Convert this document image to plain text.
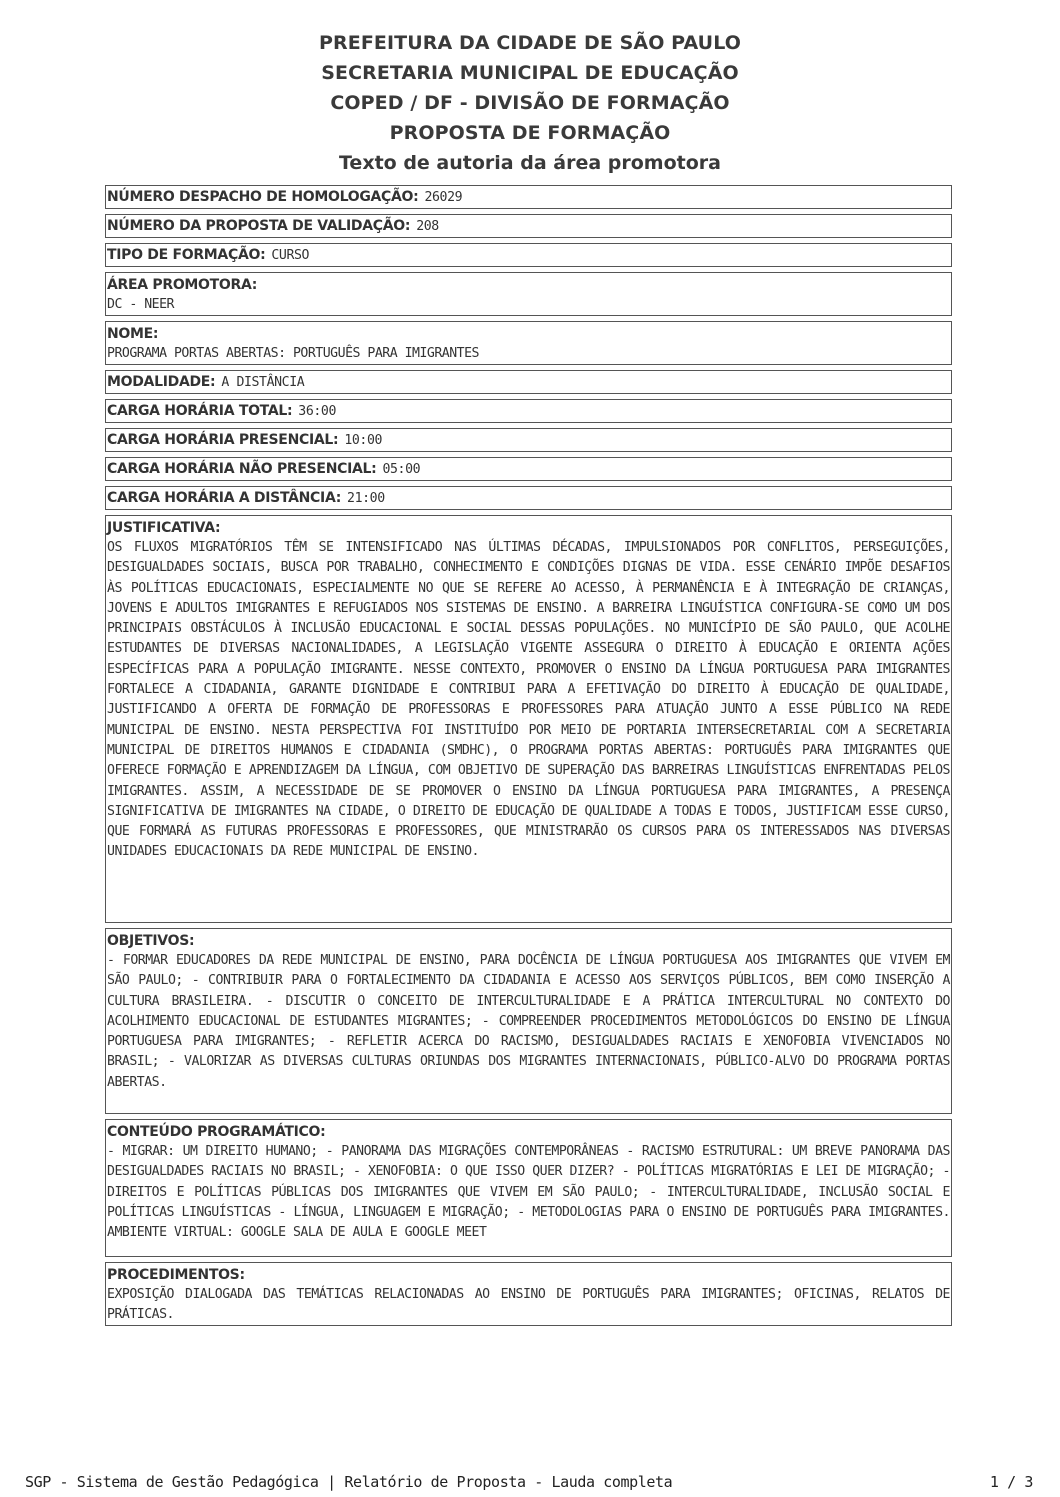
PREFEITURA DA CIDADE DE SÃO PAULO
SECRETARIA MUNICIPAL DE EDUCAÇÃO
COPED / DF - DIVISÃO DE FORMAÇÃO
PROPOSTA DE FORMAÇÃO
Texto de autoria da área promotora
NÚMERO DESPACHO DE HOMOLOGAÇÃO: 26029
NÚMERO DA PROPOSTA DE VALIDAÇÃO: 208
TIPO DE FORMAÇÃO: CURSO
ÁREA PROMOTORA:
DC - NEER
NOME:
PROGRAMA PORTAS ABERTAS: PORTUGUÊS PARA IMIGRANTES
MODALIDADE: A DISTÂNCIA
CARGA HORÁRIA TOTAL: 36:00
CARGA HORÁRIA PRESENCIAL: 10:00
CARGA HORÁRIA NÃO PRESENCIAL: 05:00
CARGA HORÁRIA A DISTÂNCIA: 21:00
JUSTIFICATIVA:
OS FLUXOS MIGRATÓRIOS TÊM SE INTENSIFICADO NAS ÚLTIMAS DÉCADAS, IMPULSIONADOS POR CONFLITOS, PERSEGUIÇÕES, DESIGUALDADES SOCIAIS, BUSCA POR TRABALHO, CONHECIMENTO E CONDIÇÕES DIGNAS DE VIDA. ESSE CENÁRIO IMPÕE DESAFIOS ÀS POLÍTICAS EDUCACIONAIS, ESPECIALMENTE NO QUE SE REFERE AO ACESSO, À PERMANÊNCIA E À INTEGRAÇÃO DE CRIANÇAS, JOVENS E ADULTOS IMIGRANTES E REFUGIADOS NOS SISTEMAS DE ENSINO. A BARREIRA LINGUÍSTICA CONFIGURA-SE COMO UM DOS PRINCIPAIS OBSTÁCULOS À INCLUSÃO EDUCACIONAL E SOCIAL DESSAS POPULAÇÕES. NO MUNICÍPIO DE SÃO PAULO, QUE ACOLHE ESTUDANTES DE DIVERSAS NACIONALIDADES, A LEGISLAÇÃO VIGENTE ASSEGURA O DIREITO À EDUCAÇÃO E ORIENTA AÇÕES ESPECÍFICAS PARA A POPULAÇÃO IMIGRANTE. NESSE CONTEXTO, PROMOVER O ENSINO DA LÍNGUA PORTUGUESA PARA IMIGRANTES FORTALECE A CIDADANIA, GARANTE DIGNIDADE E CONTRIBUI PARA A EFETIVAÇÃO DO DIREITO À EDUCAÇÃO DE QUALIDADE, JUSTIFICANDO A OFERTA DE FORMAÇÃO DE PROFESSORAS E PROFESSORES PARA ATUAÇÃO JUNTO A ESSE PÚBLICO NA REDE MUNICIPAL DE ENSINO. NESTA PERSPECTIVA FOI INSTITUÍDO POR MEIO DE PORTARIA INTERSECRETARIAL COM A SECRETARIA MUNICIPAL DE DIREITOS HUMANOS E CIDADANIA (SMDHC), O PROGRAMA PORTAS ABERTAS: PORTUGUÊS PARA IMIGRANTES QUE OFERECE FORMAÇÃO E APRENDIZAGEM DA LÍNGUA, COM OBJETIVO DE SUPERAÇÃO DAS BARREIRAS LINGUÍSTICAS ENFRENTADAS PELOS IMIGRANTES. ASSIM, A NECESSIDADE DE SE PROMOVER O ENSINO DA LÍNGUA PORTUGUESA PARA IMIGRANTES, A PRESENÇA SIGNIFICATIVA DE IMIGRANTES NA CIDADE, O DIREITO DE EDUCAÇÃO DE QUALIDADE A TODAS E TODOS, JUSTIFICAM ESSE CURSO, QUE FORMARÁ AS FUTURAS PROFESSORAS E PROFESSORES, QUE MINISTRARÃO OS CURSOS PARA OS INTERESSADOS NAS DIVERSAS UNIDADES EDUCACIONAIS DA REDE MUNICIPAL DE ENSINO.
OBJETIVOS:
- FORMAR EDUCADORES DA REDE MUNICIPAL DE ENSINO, PARA DOCÊNCIA DE LÍNGUA PORTUGUESA AOS IMIGRANTES QUE VIVEM EM SÃO PAULO; - CONTRIBUIR PARA O FORTALECIMENTO DA CIDADANIA E ACESSO AOS SERVIÇOS PÚBLICOS, BEM COMO INSERÇÃO A CULTURA BRASILEIRA. - DISCUTIR O CONCEITO DE INTERCULTURALIDADE E A PRÁTICA INTERCULTURAL NO CONTEXTO DO ACOLHIMENTO EDUCACIONAL DE ESTUDANTES MIGRANTES; - COMPREENDER PROCEDIMENTOS METODOLÓGICOS DO ENSINO DE LÍNGUA PORTUGUESA PARA IMIGRANTES; - REFLETIR ACERCA DO RACISMO, DESIGUALDADES RACIAIS E XENOFOBIA VIVENCIADOS NO BRASIL; - VALORIZAR AS DIVERSAS CULTURAS ORIUNDAS DOS MIGRANTES INTERNACIONAIS, PÚBLICO-ALVO DO PROGRAMA PORTAS ABERTAS.
CONTEÚDO PROGRAMÁTICO:
- MIGRAR: UM DIREITO HUMANO; - PANORAMA DAS MIGRAÇÕES CONTEMPORÂNEAS - RACISMO ESTRUTURAL: UM BREVE PANORAMA DAS DESIGUALDADES RACIAIS NO BRASIL; - XENOFOBIA: O QUE ISSO QUER DIZER? - POLÍTICAS MIGRATÓRIAS E LEI DE MIGRAÇÃO; - DIREITOS E POLÍTICAS PÚBLICAS DOS IMIGRANTES QUE VIVEM EM SÃO PAULO; - INTERCULTURALIDADE, INCLUSÃO SOCIAL E POLÍTICAS LINGUÍSTICAS - LÍNGUA, LINGUAGEM E MIGRAÇÃO; - METODOLOGIAS PARA O ENSINO DE PORTUGUÊS PARA IMIGRANTES. AMBIENTE VIRTUAL: GOOGLE SALA DE AULA E GOOGLE MEET
PROCEDIMENTOS:
EXPOSIÇÃO DIALOGADA DAS TEMÁTICAS RELACIONADAS AO ENSINO DE PORTUGUÊS PARA IMIGRANTES; OFICINAS, RELATOS DE PRÁTICAS.
SGP - Sistema de Gestão Pedagógica | Relatório de Proposta - Lauda completa	1 / 3
